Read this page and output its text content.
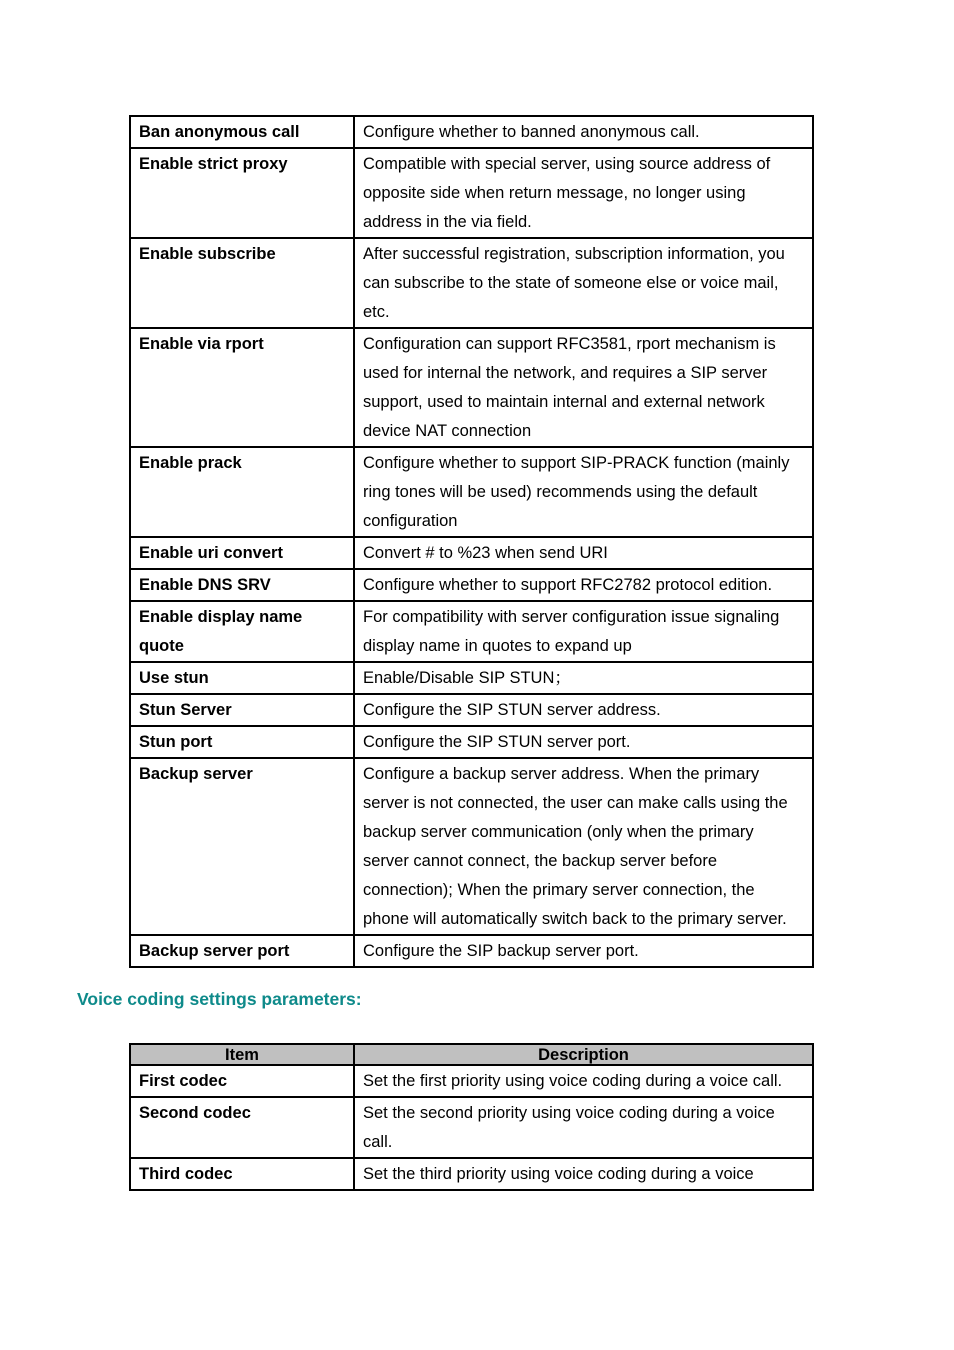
Ban anonymous call	Configure whether to banned anonymous call.
Enable strict proxy	Compatible with special server, using source address of opposite side when return message, no longer using address in the via field.
Enable subscribe	After successful registration, subscription information, you can subscribe to the state of someone else or voice mail, etc.
Enable via rport	Configuration can support RFC3581, rport mechanism is used for internal the network, and requires a SIP server support, used to maintain internal and external network device NAT connection
Enable prack	Configure whether to support SIP-PRACK function (mainly ring tones will be used) recommends using the default configuration
Enable uri convert	Convert # to %23 when send URI
Enable DNS SRV	Configure whether to support RFC2782 protocol edition.
Enable display name quote	For compatibility with server configuration issue signaling display name in quotes to expand up
Use stun	Enable/Disable SIP STUN；
Stun Server	Configure the SIP STUN server address.
Stun port	Configure the SIP STUN server port.
Backup server	Configure a backup server address. When the primary server is not connected, the user can make calls using the backup server communication (only when the primary server cannot connect, the backup server before connection); When the primary server connection, the phone will automatically switch back to the primary server.
Backup server port	Configure the SIP backup server port.
Voice coding settings parameters:
Item	Description
First codec	Set the first priority using voice coding during a voice call.
Second codec	Set the second priority using voice coding during a voice call.
Third codec	Set the third priority using voice coding during a voice
